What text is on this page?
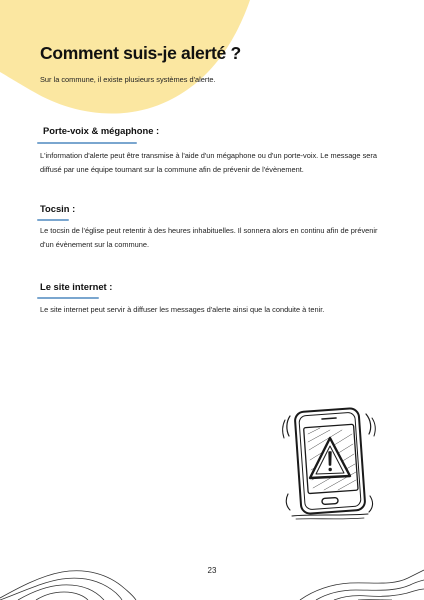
Comment suis-je alerté ?

Sur la commune, il existe plusieurs systèmes d'alerte.

Porte-voix & mégaphone :

L'information d'alerte peut être transmise à l'aide d'un mégaphone ou d'un porte-voix. Le message sera diffusé par une équipe tournant sur la commune afin de prévenir de l'évènement.

Tocsin :

Le tocsin de l'église peut retentir à des heures inhabituelles. Il sonnera alors en continu afin de prévenir d'un évènement sur la commune.

Le site internet :

Le site internet peut servir à diffuser les messages d'alerte ainsi que la conduite à tenir.

23
